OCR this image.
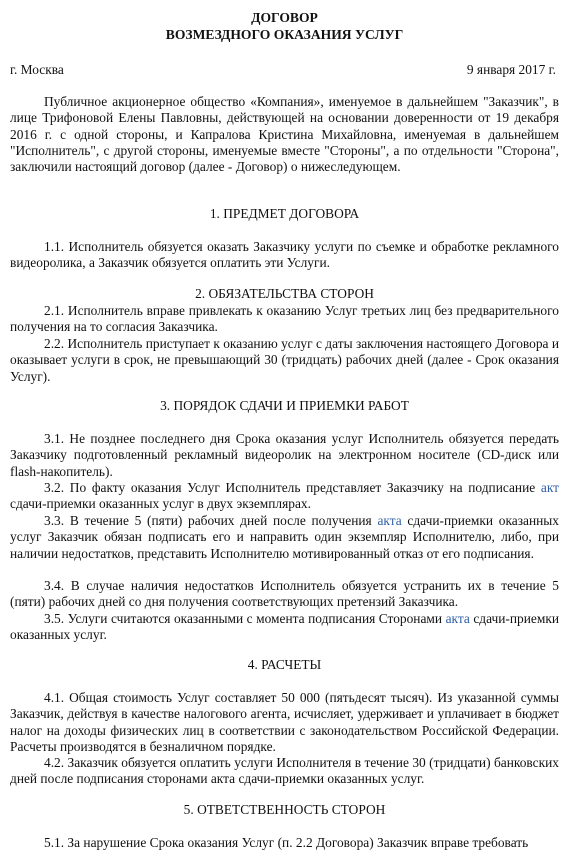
ДОГОВОР
ВОЗМЕЗДНОГО ОКАЗАНИЯ УСЛУГ
г. Москва	9 января 2017 г.
Публичное акционерное общество «Компания», именуемое в дальнейшем "Заказчик", в лице Трифоновой Елены Павловны, действующей на основании доверенности от 19 декабря 2016 г. с одной стороны, и Капралова Кристина Михайловна, именуемая в дальнейшем "Исполнитель", с другой стороны, именуемые вместе "Стороны", а по отдельности "Сторона", заключили настоящий договор (далее - Договор) о нижеследующем.
1. ПРЕДМЕТ ДОГОВОРА
1.1. Исполнитель обязуется оказать Заказчику услуги по съемке и обработке рекламного видеоролика, а Заказчик обязуется оплатить эти Услуги.
2. ОБЯЗАТЕЛЬСТВА СТОРОН
2.1. Исполнитель вправе привлекать к оказанию Услуг третьих лиц без предварительного получения на то согласия Заказчика.
2.2. Исполнитель приступает к оказанию услуг с даты заключения настоящего Договора и оказывает услуги в срок, не превышающий 30 (тридцать) рабочих дней (далее - Срок оказания Услуг).
3. ПОРЯДОК СДАЧИ И ПРИЕМКИ РАБОТ
3.1. Не позднее последнего дня Срока оказания услуг Исполнитель обязуется передать Заказчику подготовленный рекламный видеоролик на электронном носителе (CD-диск или flash-накопитель).
3.2. По факту оказания Услуг Исполнитель представляет Заказчику на подписание акт сдачи-приемки оказанных услуг в двух экземплярах.
3.3. В течение 5 (пяти) рабочих дней после получения акта сдачи-приемки оказанных услуг Заказчик обязан подписать его и направить один экземпляр Исполнителю, либо, при наличии недостатков, представить Исполнителю мотивированный отказ от его подписания.
3.4. В случае наличия недостатков Исполнитель обязуется устранить их в течение 5 (пяти) рабочих дней со дня получения соответствующих претензий Заказчика.
3.5. Услуги считаются оказанными с момента подписания Сторонами акта сдачи-приемки оказанных услуг.
4. РАСЧЕТЫ
4.1. Общая стоимость Услуг составляет 50 000 (пятьдесят тысяч). Из указанной суммы Заказчик, действуя в качестве налогового агента, исчисляет, удерживает и уплачивает в бюджет налог на доходы физических лиц в соответствии с законодательством Российской Федерации. Расчеты производятся в безналичном порядке.
4.2. Заказчик обязуется оплатить услуги Исполнителя в течение 30 (тридцати) банковских дней после подписания сторонами акта сдачи-приемки оказанных услуг.
5. ОТВЕТСТВЕННОСТЬ СТОРОН
5.1. За нарушение Срока оказания Услуг (п. 2.2 Договора) Заказчик вправе требовать
